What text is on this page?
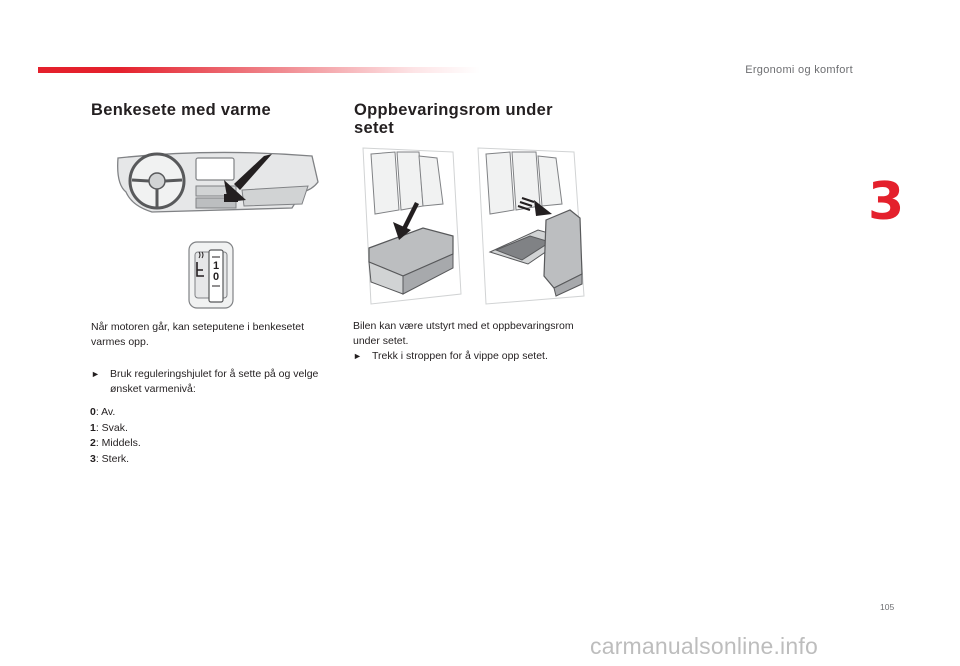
Ergonomi og komfort
3
Benkesete med varme
1
0
Når motoren går, kan seteputene i benkesetet varmes opp.
► Bruk reguleringshjulet for å sette på og velge ønsket varmenivå:
0: Av.
1: Svak.
2: Middels.
3: Sterk.
Oppbevaringsrom under setet
Bilen kan være utstyrt med et oppbevaringsrom under setet.
► Trekk i stroppen for å vippe opp setet.
105
carmanualsonline.info
